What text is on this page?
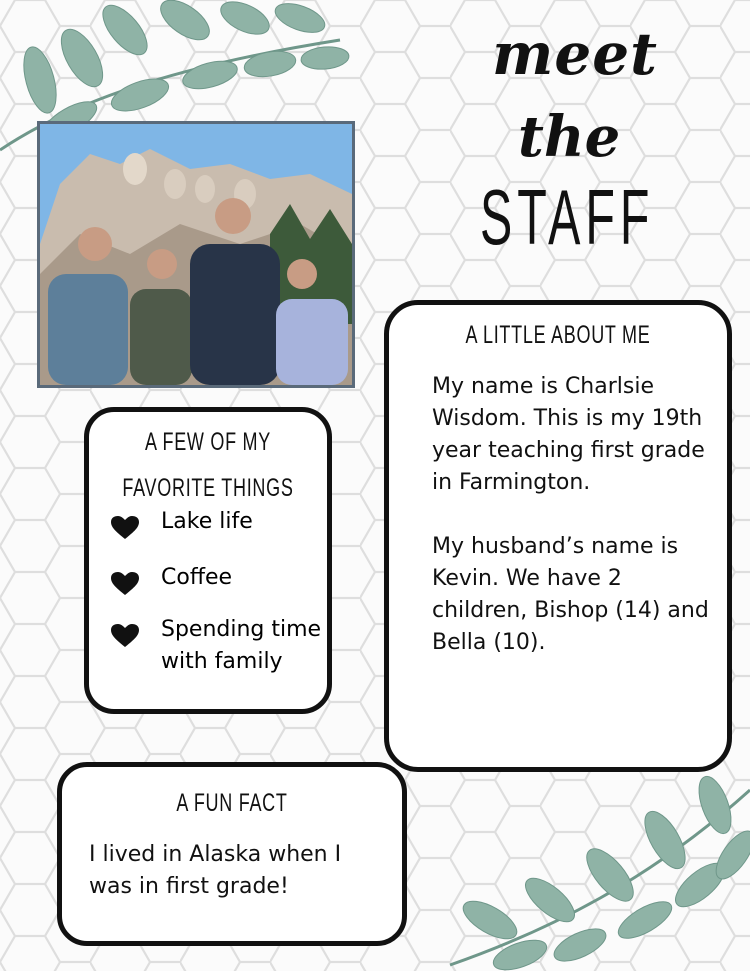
meet
the
STAFF
A LITTLE ABOUT ME

My name is Charlsie Wisdom. This is my 19th year teaching first grade in Farmington.

My husband’s name is Kevin. We have 2 children, Bishop (14) and Bella (10).

A FEW OF MY
FAVORITE THINGS
Lake life
Coffee
Spending time with family
A FUN FACT
I lived in Alaska when I was in first grade!
